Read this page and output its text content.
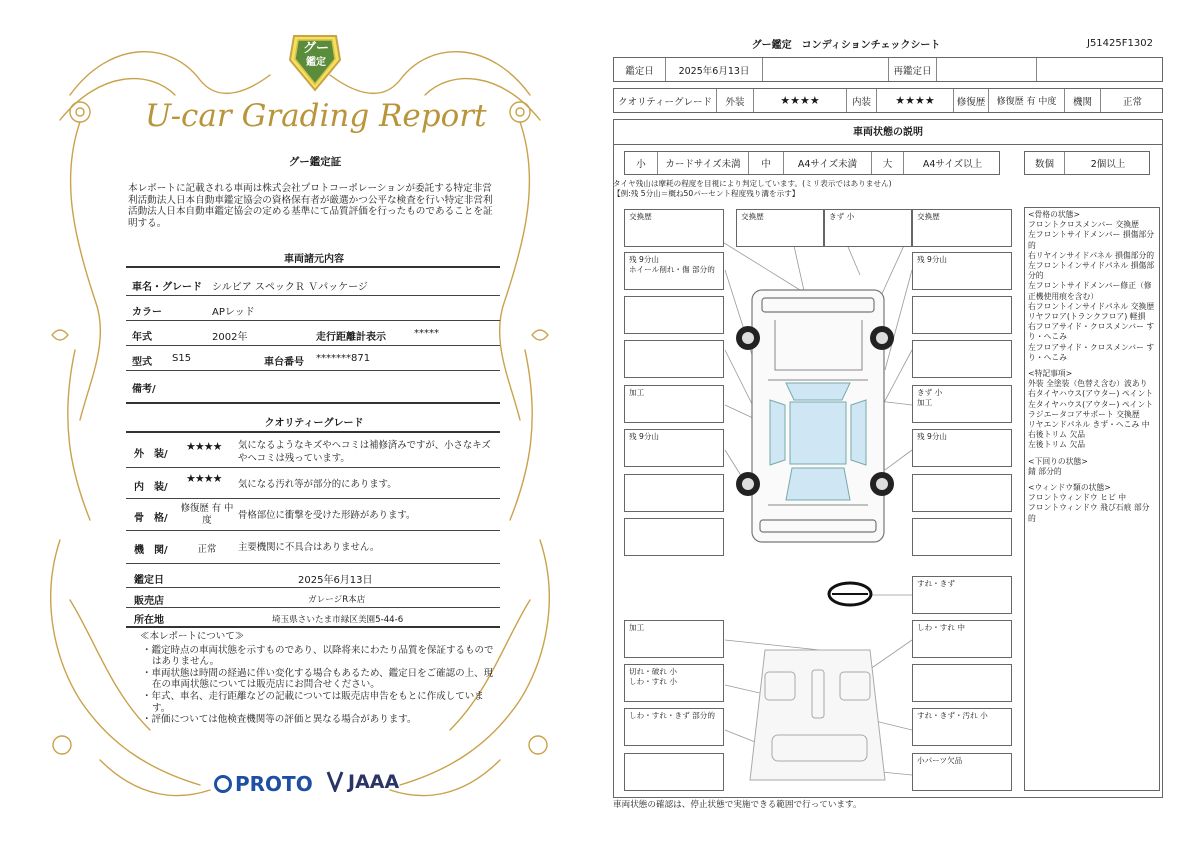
グー
鑑定
U-car Grading Report
グー鑑定証
本レポートに記載される車両は株式会社プロトコーポレーションが委託する特定非営利活動法人日本自動車鑑定協会の資格保有者が厳選かつ公平な検査を行い特定非営利活動法人日本自動車鑑定協会の定める基準にて品質評価を行ったものであることを証明する。
車両諸元内容
車名・グレード シルビア スペックＲ Ｖパッケージ
カラー	APレッド
年式	2002年	走行距離計表示	*****
型式 S15	車台番号 *******871
備考/
クオリティーグレード
外　装/
★★★★ 気になるようなキズやヘコミは補修済みですが、小さなキズやヘコミは残っています。
内　装/
★★★★ 気になる汚れ等が部分的にあります。
骨　格/
修復歴 有 中度	骨格部位に衝撃を受けた形跡があります。
機　関/	正常	主要機関に不具合はありません。
鑑定日	2025年6月13日
販売店	ガレージR本店
所在地	埼玉県さいたま市緑区美園5-44-6
≪本レポートについて≫
・鑑定時点の車両状態を示すものであり、以降将来にわたり品質を保証するものではありません。
・車両状態は時間の経過に伴い変化する場合もあるため、鑑定日をご確認の上、現在の車両状態については販売店にお問合せください。
・年式、車名、走行距離などの記載については販売店申告をもとに作成しています。
・評価については他検査機関等の評価と異なる場合があります。
PROTO	JAAA
グー鑑定　コンディションチェックシート	J51425F1302
鑑定日	2025年6月13日	再鑑定日
クオリティーグレード	外装	★★★★	内装	★★★★	修復歴	修復歴 有 中度	機関	正常
車両状態の説明
小	カードサイズ未満	中	A4サイズ未満	大	A4サイズ以上	数個	2個以上
タイヤ残山は摩耗の程度を目視により判定しています。(ミリ表示ではありません)
【例:残 5分山＝概ね50パーセント程度残り溝を示す】
交換歴	交換歴	きず 小	交換歴
残 9分山
ホイール削れ・傷 部分的
残 9分山
加工	きず 小
加工
残 9分山	残 9分山
すれ・きず
加工	しわ・すれ 中
切れ・破れ 小
しわ・すれ 小
しわ・すれ・きず 部分的	すれ・きず・汚れ 小
小パーツ欠品
<骨格の状態>
フロントクロスメンバー 交換歴
左フロントサイドメンバー 損傷部分的
右リヤインサイドパネル 損傷部分的
左フロントインサイドパネル 損傷部分的
左フロントサイドメンバー修正（修正機使用痕を含む）
右フロントインサイドパネル 交換歴
リヤフロア(トランクフロア) 軽損
右フロアサイド・クロスメンバー すり・へこみ
左フロアサイド・クロスメンバー すり・へこみ
<特記事項>
外装 全塗装（色替え含む）波あり
右タイヤハウス(アウター) ペイント
左タイヤハウス(アウター) ペイント
ラジエータコアサポート 交換歴
リヤエンドパネル きず・へこみ 中
右後トリム 欠品
左後トリム 欠品
<下回りの状態>
錆 部分的
<ウィンドウ類の状態>
フロントウィンドウ ヒビ 中
フロントウィンドウ 飛び石痕 部分的
車両状態の確認は、停止状態で実施できる範囲で行っています。
